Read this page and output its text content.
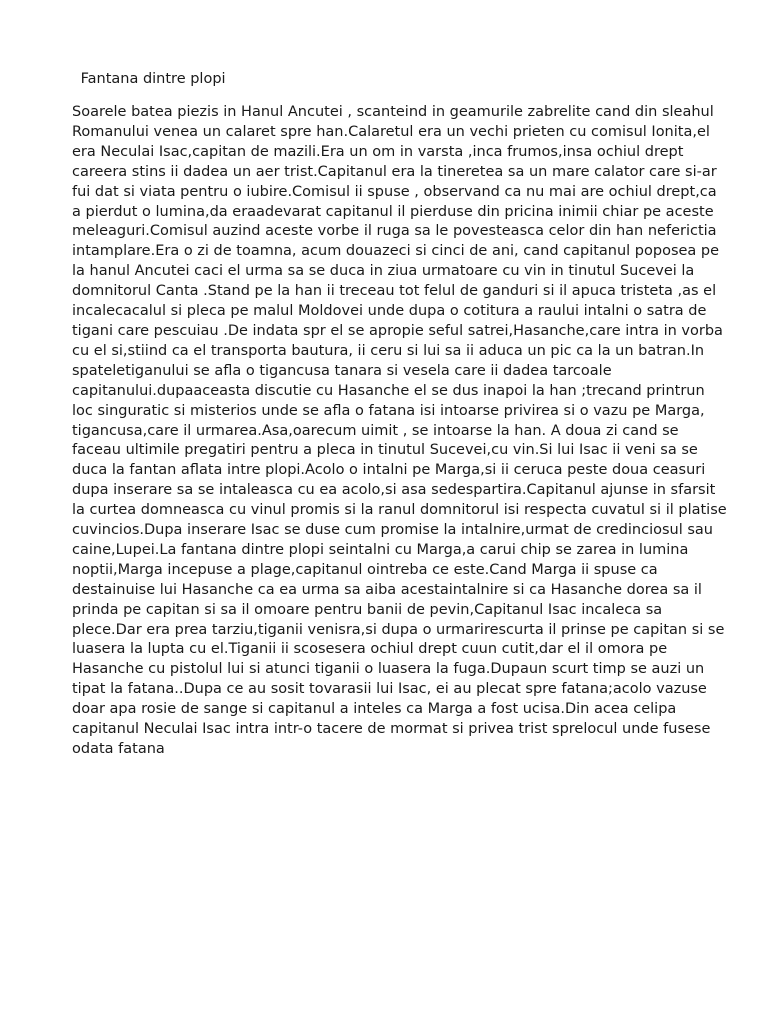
Fantana dintre plopi
Soarele batea piezis in Hanul Ancutei , scanteind in geamurile zabrelite cand din sleahul
Romanului venea un calaret spre han.Calaretul era un vechi prieten cu comisul Ionita,el
era Neculai Isac,capitan de mazili.Era un om in varsta ,inca frumos,insa ochiul drept
careera stins ii dadea un aer trist.Capitanul era la tineretea sa un mare calator care si-ar
fui dat si viata pentru o iubire.Comisul ii spuse , observand ca nu mai are ochiul drept,ca
a pierdut o lumina,da eraadevarat capitanul il pierduse din pricina inimii chiar pe aceste
meleaguri.Comisul auzind aceste vorbe il ruga sa le povesteasca celor din han neferictia
intamplare.Era o zi de toamna, acum douazeci si cinci de ani, cand capitanul poposea pe
la hanul Ancutei caci el urma sa se duca in ziua urmatoare cu vin in tinutul Sucevei la
domnitorul Canta .Stand pe la han ii treceau tot felul de ganduri si il apuca tristeta ,as el
incalecacalul si pleca pe malul Moldovei unde dupa o cotitura a raului intalni o satra de
tigani care pescuiau .De indata spr el se apropie seful satrei,Hasanche,care intra in vorba
cu el si,stiind ca el transporta bautura, ii ceru si lui sa ii aduca un pic ca la un batran.In
spateletiganului se afla o tigancusa tanara si vesela care ii dadea tarcoale
capitanului.dupaaceasta discutie cu Hasanche el se dus inapoi la han ;trecand printrun
loc singuratic si misterios unde se afla o fatana isi intoarse privirea si o vazu pe Marga,
tigancusa,care il urmarea.Asa,oarecum uimit , se intoarse la han. A doua zi cand se
faceau ultimile pregatiri pentru a pleca in tinutul Sucevei,cu vin.Si lui Isac ii veni sa se
duca la fantan aflata intre plopi.Acolo o intalni pe Marga,si ii ceruca peste doua ceasuri
dupa inserare sa se intaleasca cu ea acolo,si asa sedespartira.Capitanul ajunse in sfarsit
la curtea domneasca cu vinul promis si la ranul domnitorul isi respecta cuvatul si il platise
cuvincios.Dupa inserare Isac se duse cum promise la intalnire,urmat de credinciosul sau
caine,Lupei.La fantana dintre plopi seintalni cu Marga,a carui chip se zarea in lumina
noptii,Marga incepuse a plage,capitanul ointreba ce este.Cand Marga ii spuse ca
destainuise lui Hasanche ca ea urma sa aiba acestaintalnire si ca Hasanche dorea sa il
prinda pe capitan si sa il omoare pentru banii de pevin,Capitanul Isac incaleca sa
plece.Dar era prea tarziu,tiganii venisra,si dupa o urmarirescurta il prinse pe capitan si se
luasera la lupta cu el.Tiganii ii scosesera ochiul drept cuun cutit,dar el il omora pe
Hasanche cu pistolul lui si atunci tiganii o luasera la fuga.Dupaun scurt timp se auzi un
tipat la fatana..Dupa ce au sosit tovarasii lui Isac, ei au plecat spre fatana;acolo vazuse
doar apa rosie de sange si capitanul a inteles ca Marga a fost ucisa.Din acea celipa
capitanul Neculai Isac intra intr-o tacere de mormat si privea trist sprelocul unde fusese
odata fatana
